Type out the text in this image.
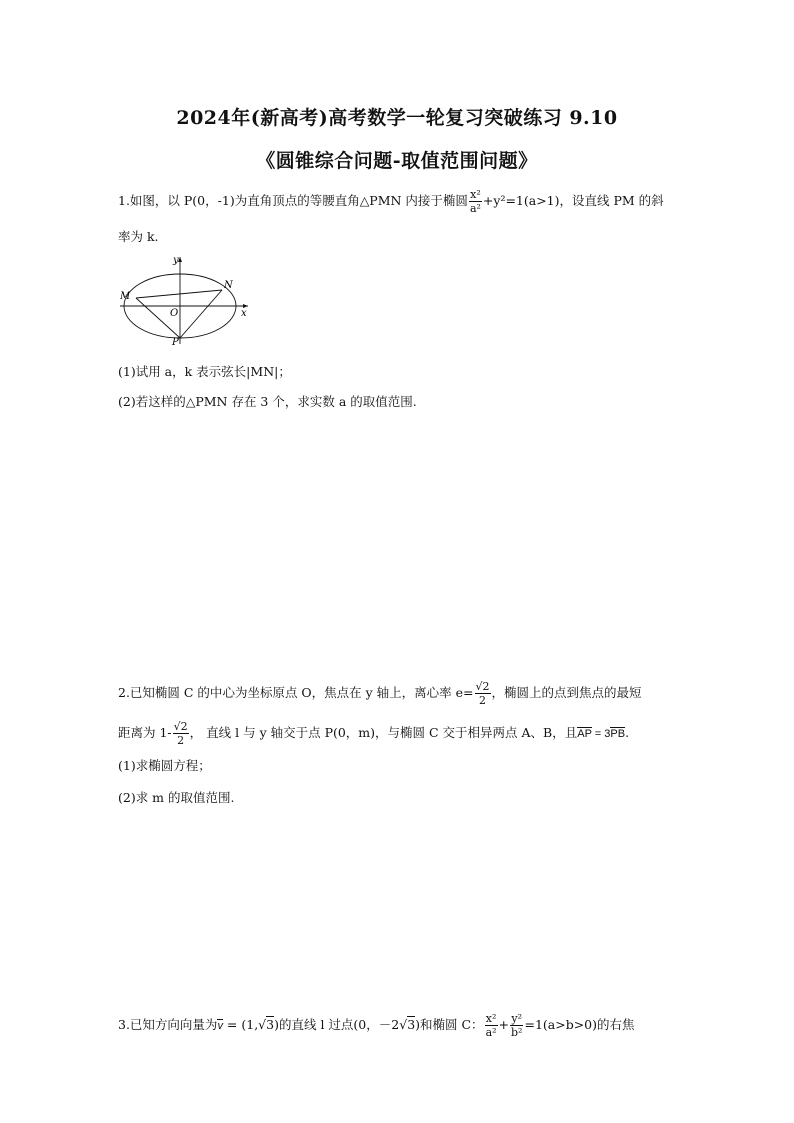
2024年(新高考)高考数学一轮复习突破练习 9.10
《圆锥综合问题-取值范围问题》
1.如图，以 P(0，-1)为直角顶点的等腰直角△PMN 内接于椭圆 $\frac{\text{x²}}{\text{a²}} +y^2=1(a>1)$，设直线 PM 的斜
率为 k.
M
N
O
P
y
x
(1)试用 a，k 表示弦长|MN|；
(2)若这样的△PMN 存在 3 个，求实数 a 的取值范围.
2.已知椭圆 C 的中心为坐标原点 O，焦点在 y 轴上，离心率 $e= \frac{√2}{2}$ ，椭圆上的点到焦点的最短
距离为 $1- \frac{√2}{2}$ ， 直线 l 与 y 轴交于点 P(0，m)，与椭圆 C 交于相异两点 A、B，且AP = 3PB.
(1)求椭圆方程；
(2)求 m 的取值范围.
3.已知方向向量为v = (1,√3)的直线 l 过点(0，－2√3)和椭圆 C： $\frac{\text{x²}}{\text{a²}} + \frac{\text{y²}}{\text{b²}} =1(a>b>0)$的右焦
